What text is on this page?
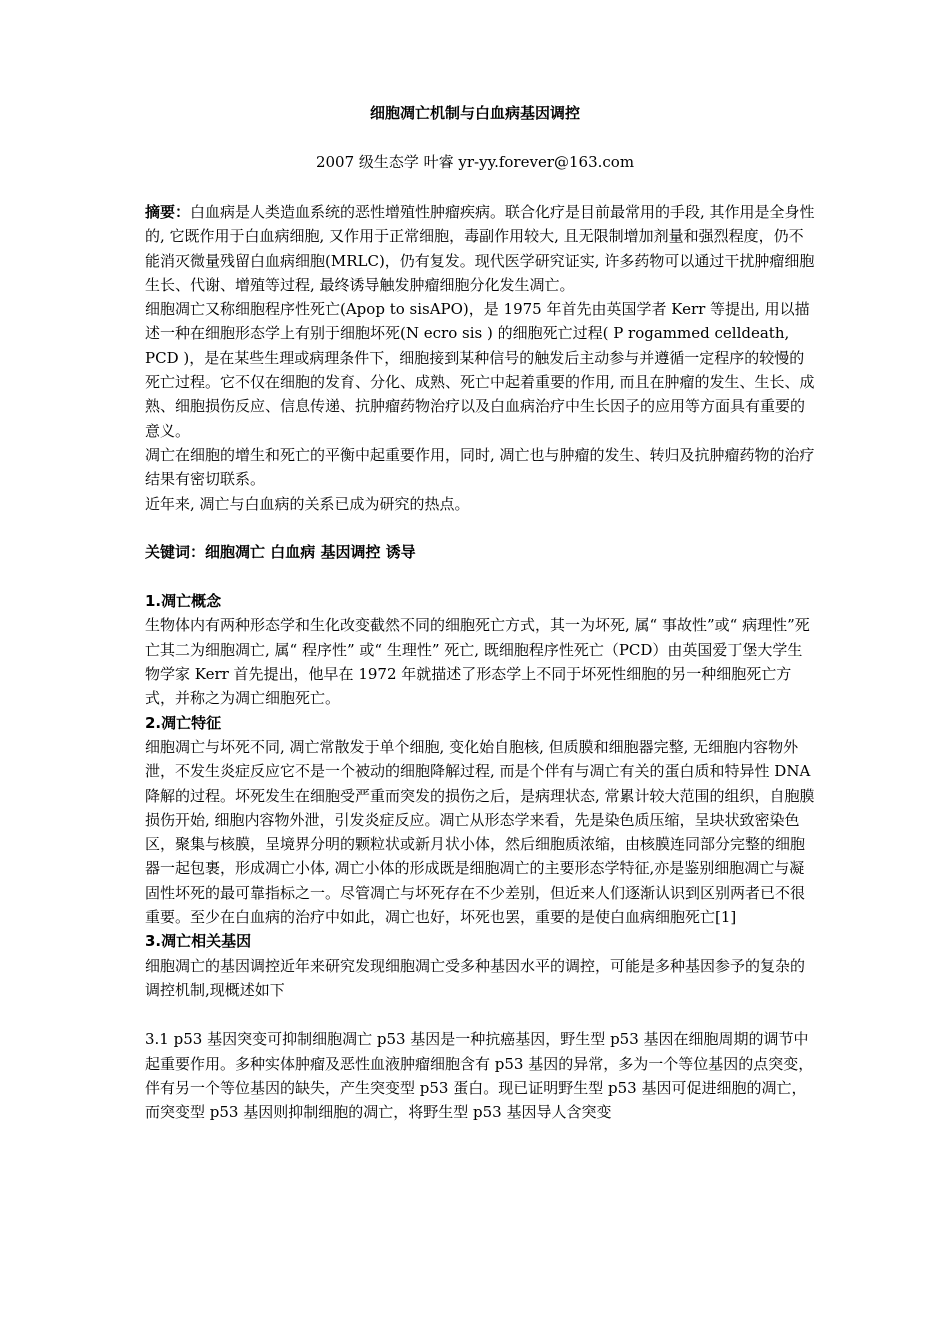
细胞凋亡机制与白血病基因调控
2007 级生态学 叶睿 yr-yy.forever@163.com

摘要：白血病是人类造血系统的恶性增殖性肿瘤疾病。联合化疗是目前最常用的手段, 其作用是全身性的, 它既作用于白血病细胞, 又作用于正常细胞，毒副作用较大, 且无限制增加剂量和强烈程度，仍不能消灭微量残留白血病细胞(MRLC)，仍有复发。现代医学研究证实, 许多药物可以通过干扰肿瘤细胞生长、代谢、增殖等过程, 最终诱导触发肿瘤细胞分化发生凋亡。

细胞凋亡又称细胞程序性死亡(Apop to sisAPO)，是 1975 年首先由英国学者 Kerr 等提出, 用以描述一种在细胞形态学上有别于细胞坏死(N ecro sis ) 的细胞死亡过程( P rogammed celldeath, PCD )，是在某些生理或病理条件下，细胞接到某种信号的触发后主动参与并遵循一定程序的较慢的死亡过程。它不仅在细胞的发育、分化、成熟、死亡中起着重要的作用, 而且在肿瘤的发生、生长、成熟、细胞损伤反应、信息传递、抗肿瘤药物治疗以及白血病治疗中生长因子的应用等方面具有重要的意义。

凋亡在细胞的增生和死亡的平衡中起重要作用，同时, 凋亡也与肿瘤的发生、转归及抗肿瘤药物的治疗结果有密切联系。

近年来, 凋亡与白血病的关系已成为研究的热点。

关键词：细胞凋亡 白血病 基因调控 诱导

1.凋亡概念

生物体内有两种形态学和生化改变截然不同的细胞死亡方式，其一为坏死, 属“ 事故性”或“ 病理性”死亡其二为细胞凋亡, 属“ 程序性” 或“ 生理性” 死亡, 既细胞程序性死亡（PCD）由英国爱丁堡大学生物学家 Kerr 首先提出，他早在 1972 年就描述了形态学上不同于坏死性细胞的另一种细胞死亡方式，并称之为凋亡细胞死亡。

2.凋亡特征

细胞凋亡与坏死不同, 凋亡常散发于单个细胞, 变化始自胞核, 但质膜和细胞器完整, 无细胞内容物外泄，不发生炎症反应它不是一个被动的细胞降解过程, 而是个伴有与凋亡有关的蛋白质和特异性 DNA 降解的过程。坏死发生在细胞受严重而突发的损伤之后，是病理状态, 常累计较大范围的组织，自胞膜损伤开始, 细胞内容物外泄，引发炎症反应。凋亡从形态学来看，先是染色质压缩，呈块状致密染色区，聚集与核膜，呈境界分明的颗粒状或新月状小体，然后细胞质浓缩，由核膜连同部分完整的细胞器一起包裹，形成凋亡小体, 凋亡小体的形成既是细胞凋亡的主要形态学特征,亦是鉴别细胞凋亡与凝固性坏死的最可靠指标之一。尽管凋亡与坏死存在不少差别，但近来人们逐渐认识到区别两者已不很重要。至少在白血病的治疗中如此，凋亡也好，坏死也罢，重要的是使白血病细胞死亡[1]

3.凋亡相关基因

细胞凋亡的基因调控近年来研究发现细胞凋亡受多种基因水平的调控，可能是多种基因参予的复杂的调控机制,现概述如下

3.1 p53 基因突变可抑制细胞凋亡 p53 基因是一种抗癌基因，野生型 p53 基因在细胞周期的调节中起重要作用。多种实体肿瘤及恶性血液肿瘤细胞含有 p53 基因的异常，多为一个等位基因的点突变，伴有另一个等位基因的缺失，产生突变型 p53 蛋白。现已证明野生型 p53 基因可促进细胞的凋亡，而突变型 p53 基因则抑制细胞的凋亡，将野生型 p53 基因导人含突变
